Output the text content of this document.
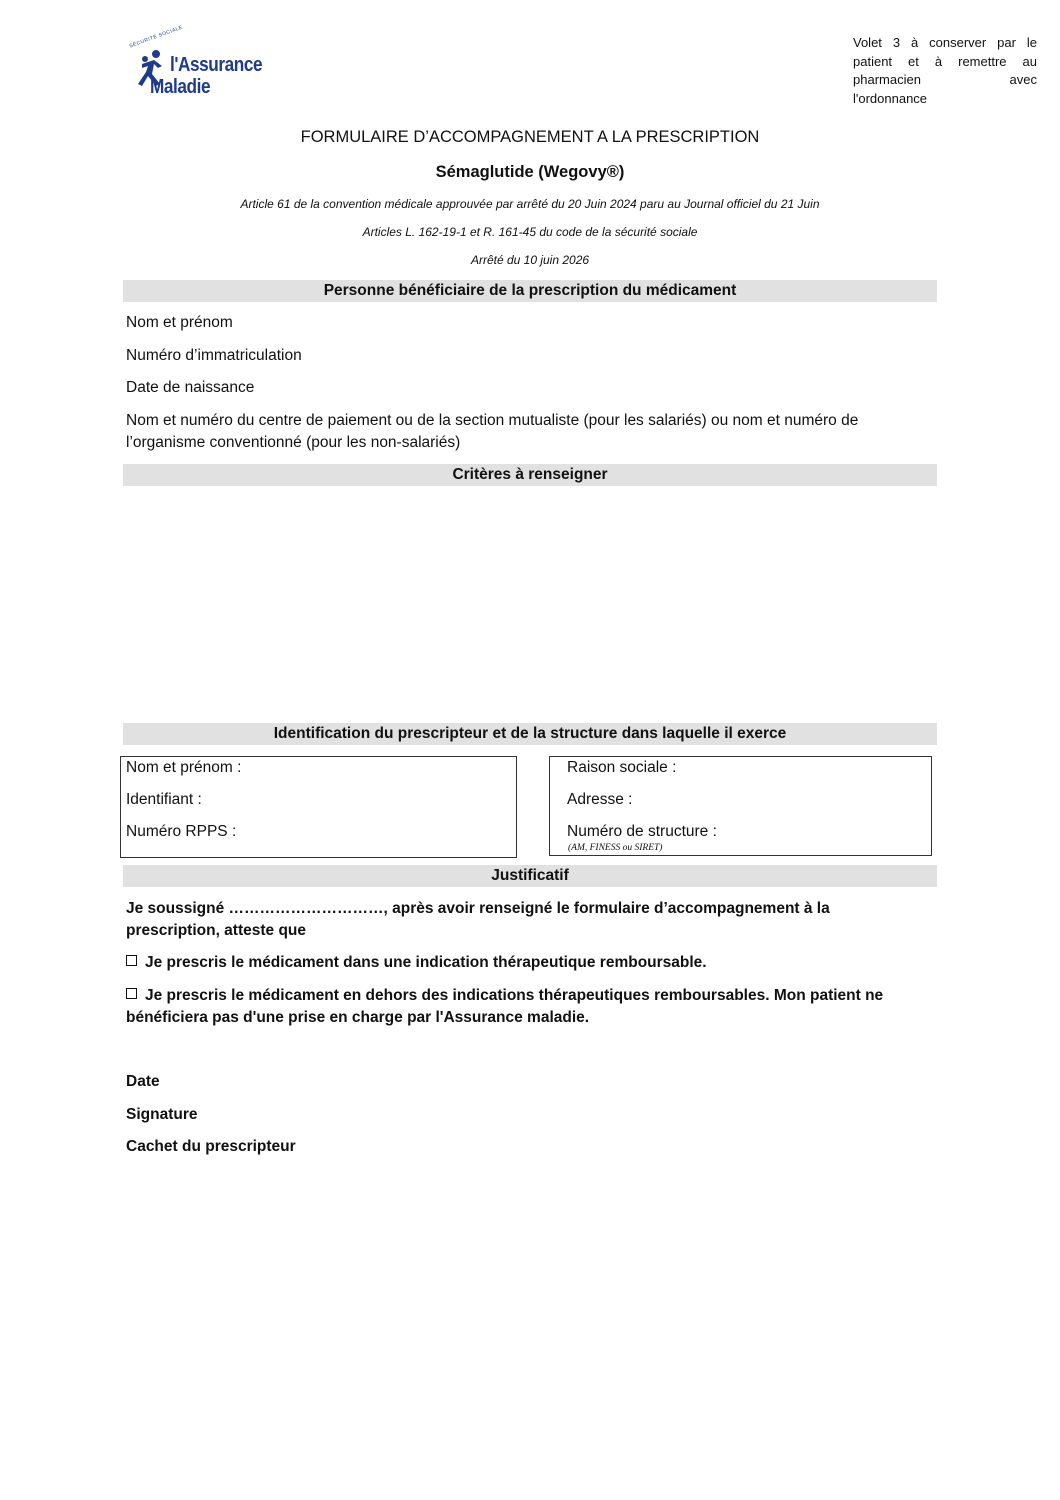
SÉCURITÉ SOCIALE
l'Assurance
Maladie
Volet 3 à conserver par le
patient et à remettre au
pharmacien avec
l'ordonnance
FORMULAIRE D’ACCOMPAGNEMENT A LA PRESCRIPTION
Sémaglutide (Wegovy®)
Article 61 de la convention médicale approuvée par arrêté du 20 Juin 2024 paru au Journal officiel du 21 Juin
Articles L. 162-19-1 et R. 161-45 du code de la sécurité sociale
Arrêté du 10 juin 2026
Personne bénéficiaire de la prescription du médicament
Nom et prénom
Numéro d’immatriculation
Date de naissance
Nom et numéro du centre de paiement ou de la section mutualiste (pour les salariés) ou nom et numéro de l’organisme conventionné (pour les non-salariés)
Critères à renseigner
Identification du prescripteur et de la structure dans laquelle il exerce
Nom et prénom :
Identifiant :
Numéro RPPS :
Raison sociale :
Adresse :
Numéro de structure :
(AM, FINESS ou SIRET)
Justificatif
Je soussigné …………………………, après avoir renseigné le formulaire d’accompagnement à la prescription, atteste que
Je prescris le médicament dans une indication thérapeutique remboursable.
Je prescris le médicament en dehors des indications thérapeutiques remboursables. Mon patient ne bénéficiera pas d'une prise en charge par l'Assurance maladie.
Date
Signature
Cachet du prescripteur
